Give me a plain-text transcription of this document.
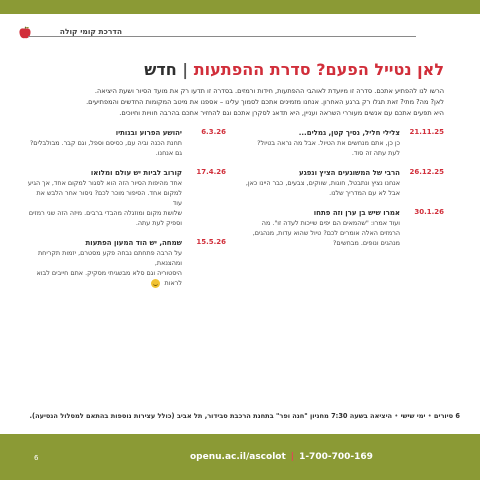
הדרכת קומי קולה
לאן נטייל הפעם? סדרת ההפתעות | חדש

הרשו לנו להפתיע אתכם. סדרה זו מיועדת לאוהבי ההפתעות, חידות ורמזים. בסדרה זו תדעו רק את מועד הסיור ושעת היציאה.

לאן? מה? מתי? זאת תגלו רק ברגע האחרון. אנחנו מזמינים אתכם לסמוך עלינו – אספנו את מיטב המקומות החדשים והמפתיעים.

היא תפעים אתכם עם אנשים מעוררי השראה ועניין, היא תדאג לסקרן אתכם וגם להחזיר אתכם בהרבה חוויות וחיוכים.

21.11.25
צלילי חליל, נסיך קטן, גמלים...
כן כן, אתם מנחשים את הטיול. אבל מה נראה בטיול?
לעת עתה זה סוד.
26.12.25
הרבי של המשוגעים הציץ ונפגע
אנחנו נציץ ונתבטל, חוגות, שווקים, צבעים, כבר היינו כאן,
אבל לא עם המדריך שלנו.
30.1.26
אמרו שיש בן ערן וזה פתחו
ועוד אמרו: "שהמאים הם יפים שייכות לעדה זו". מה
הרמזים האלה אומרים לכם? טיול שהוא עדות, מנהגים,
מנהגים ונופים. מבחשים?
6.3.26
יהושע הפרוע ובנותיו
תחנת הכנה וביה עם, כסיסם וספל, וגם קבר. מבולבלים?
גם אנחנו.
17.4.26
קורוב לביות יש עולם ומלואו
אחד מהיפות הסיור הזה הוא לסגור למקום אחד, אך הגיע
למקום אחד. הסיפור מוכר לכם? ניסור אחר הלבש את עוד
שלושת מקום ומוזגלה מהבדי ברבים. מיזה הזה שני רמזים
וספיק לעת עתה.
15.5.26
שמחה, יש הוד המעון הפתעות
על הרבה פתחתם נבחה פקע מסטרם, יזמות תקריחת ומהצנאת,
היסטוריה וגם סלא מבשגיתי מסקיק. אתם חייבים לבוא לראות
6 סיורים • ימי שישי • היציאה בשעה 7:30 מחניון "חנה ופר" בתחנת הרכבת סבידור, תל אביב (כולל עצירות נוספות בהתאם למסלול הנסיעה).
openu.ac.il/ascolot | 1-700-700-169
6
